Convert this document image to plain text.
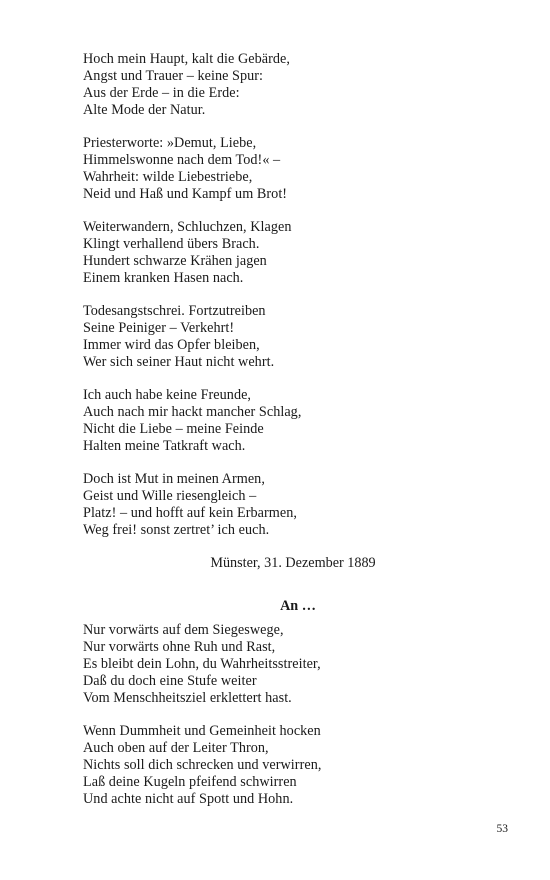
Hoch mein Haupt, kalt die Gebärde,
Angst und Trauer – keine Spur:
Aus der Erde – in die Erde:
Alte Mode der Natur.
Priesterworte: »Demut, Liebe,
Himmelswonne nach dem Tod!« –
Wahrheit: wilde Liebestriebe,
Neid und Haß und Kampf um Brot!
Weiterwandern, Schluchzen, Klagen
Klingt verhallend übers Brach.
Hundert schwarze Krähen jagen
Einem kranken Hasen nach.
Todesangstschrei. Fortzutreiben
Seine Peiniger – Verkehrt!
Immer wird das Opfer bleiben,
Wer sich seiner Haut nicht wehrt.
Ich auch habe keine Freunde,
Auch nach mir hackt mancher Schlag,
Nicht die Liebe – meine Feinde
Halten meine Tatkraft wach.
Doch ist Mut in meinen Armen,
Geist und Wille riesengleich –
Platz! – und hofft auf kein Erbarmen,
Weg frei! sonst zertret’ ich euch.
Münster, 31. Dezember 1889
An …
Nur vorwärts auf dem Siegeswege,
Nur vorwärts ohne Ruh und Rast,
Es bleibt dein Lohn, du Wahrheitsstreiter,
Daß du doch eine Stufe weiter
Vom Menschheitsziel erklettert hast.
Wenn Dummheit und Gemeinheit hocken
Auch oben auf der Leiter Thron,
Nichts soll dich schrecken und verwirren,
Laß deine Kugeln pfeifend schwirren
Und achte nicht auf Spott und Hohn.
53
